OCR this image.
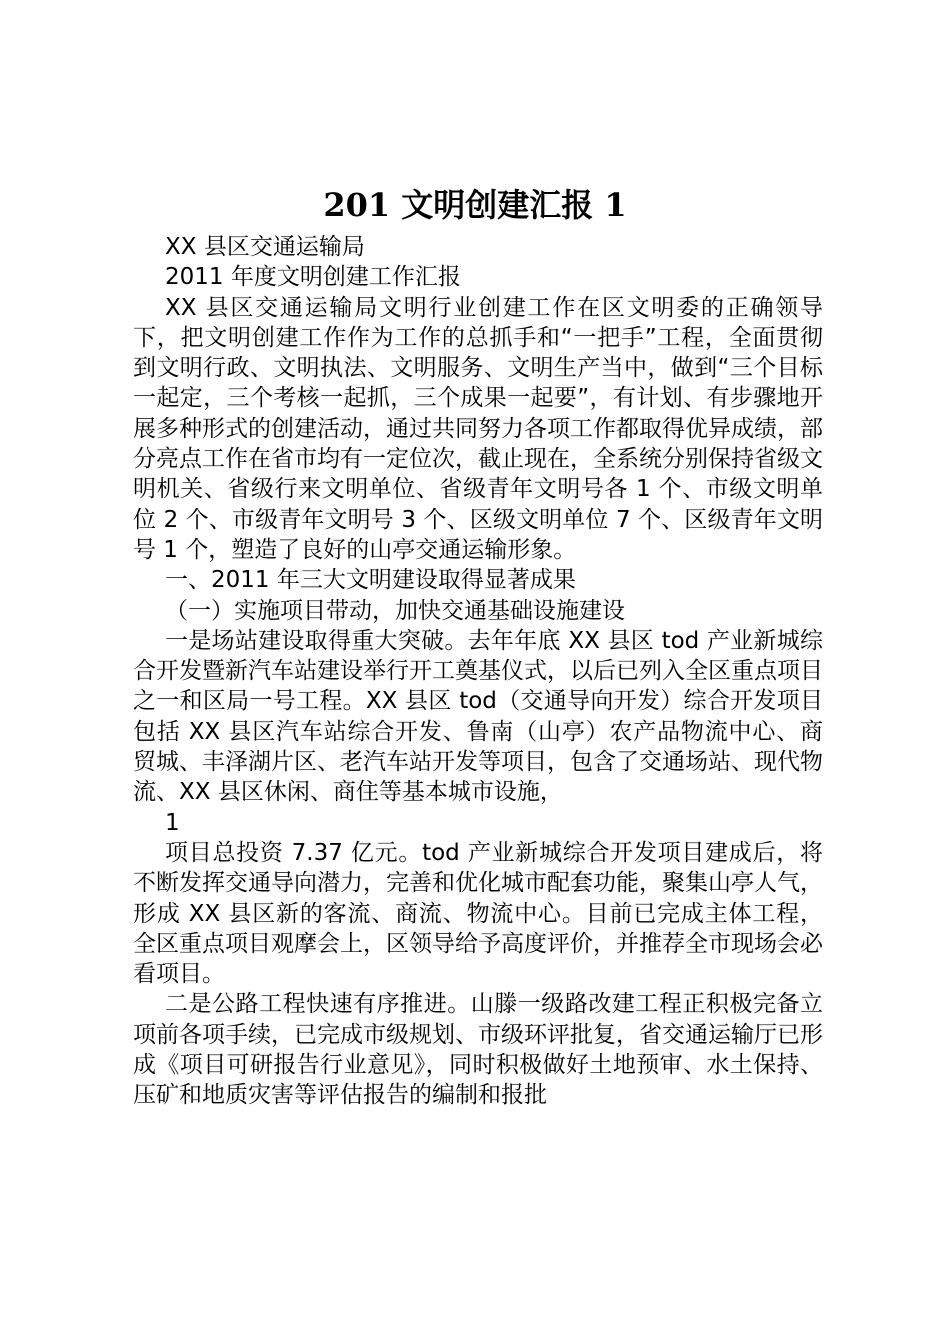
201 文明创建汇报 1

XX 县区交通运输局

2011 年度文明创建工作汇报

XX 县区交通运输局文明行业创建工作在区文明委的正确领导下，把文明创建工作作为工作的总抓手和“一把手”工程，全面贯彻到文明行政、文明执法、文明服务、文明生产当中，做到“三个目标一起定，三个考核一起抓，三个成果一起要”，有计划、有步骤地开展多种形式的创建活动，通过共同努力各项工作都取得优异成绩，部分亮点工作在省市均有一定位次，截止现在，全系统分别保持省级文明机关、省级行来文明单位、省级青年文明号各 1 个、市级文明单位 2 个、市级青年文明号 3 个、区级文明单位 7 个、区级青年文明号 1 个，塑造了良好的山亭交通运输形象。

一、2011 年三大文明建设取得显著成果

（一）实施项目带动，加快交通基础设施建设

一是场站建设取得重大突破。去年年底 XX 县区 tod 产业新城综合开发暨新汽车站建设举行开工奠基仪式，以后已列入全区重点项目之一和区局一号工程。XX 县区 tod（交通导向开发）综合开发项目包括 XX 县区汽车站综合开发、鲁南（山亭）农产品物流中心、商贸城、丰泽湖片区、老汽车站开发等项目，包含了交通场站、现代物流、XX 县区休闲、商住等基本城市设施，

1

项目总投资 7.37 亿元。tod 产业新城综合开发项目建成后，将不断发挥交通导向潜力，完善和优化城市配套功能，聚集山亭人气，形成 XX 县区新的客流、商流、物流中心。目前已完成主体工程，全区重点项目观摩会上，区领导给予高度评价，并推荐全市现场会必看项目。

二是公路工程快速有序推进。山滕一级路改建工程正积极完备立项前各项手续，已完成市级规划、市级环评批复，省交通运输厅已形成《项目可研报告行业意见》，同时积极做好土地预审、水土保持、压矿和地质灾害等评估报告的编制和报批
